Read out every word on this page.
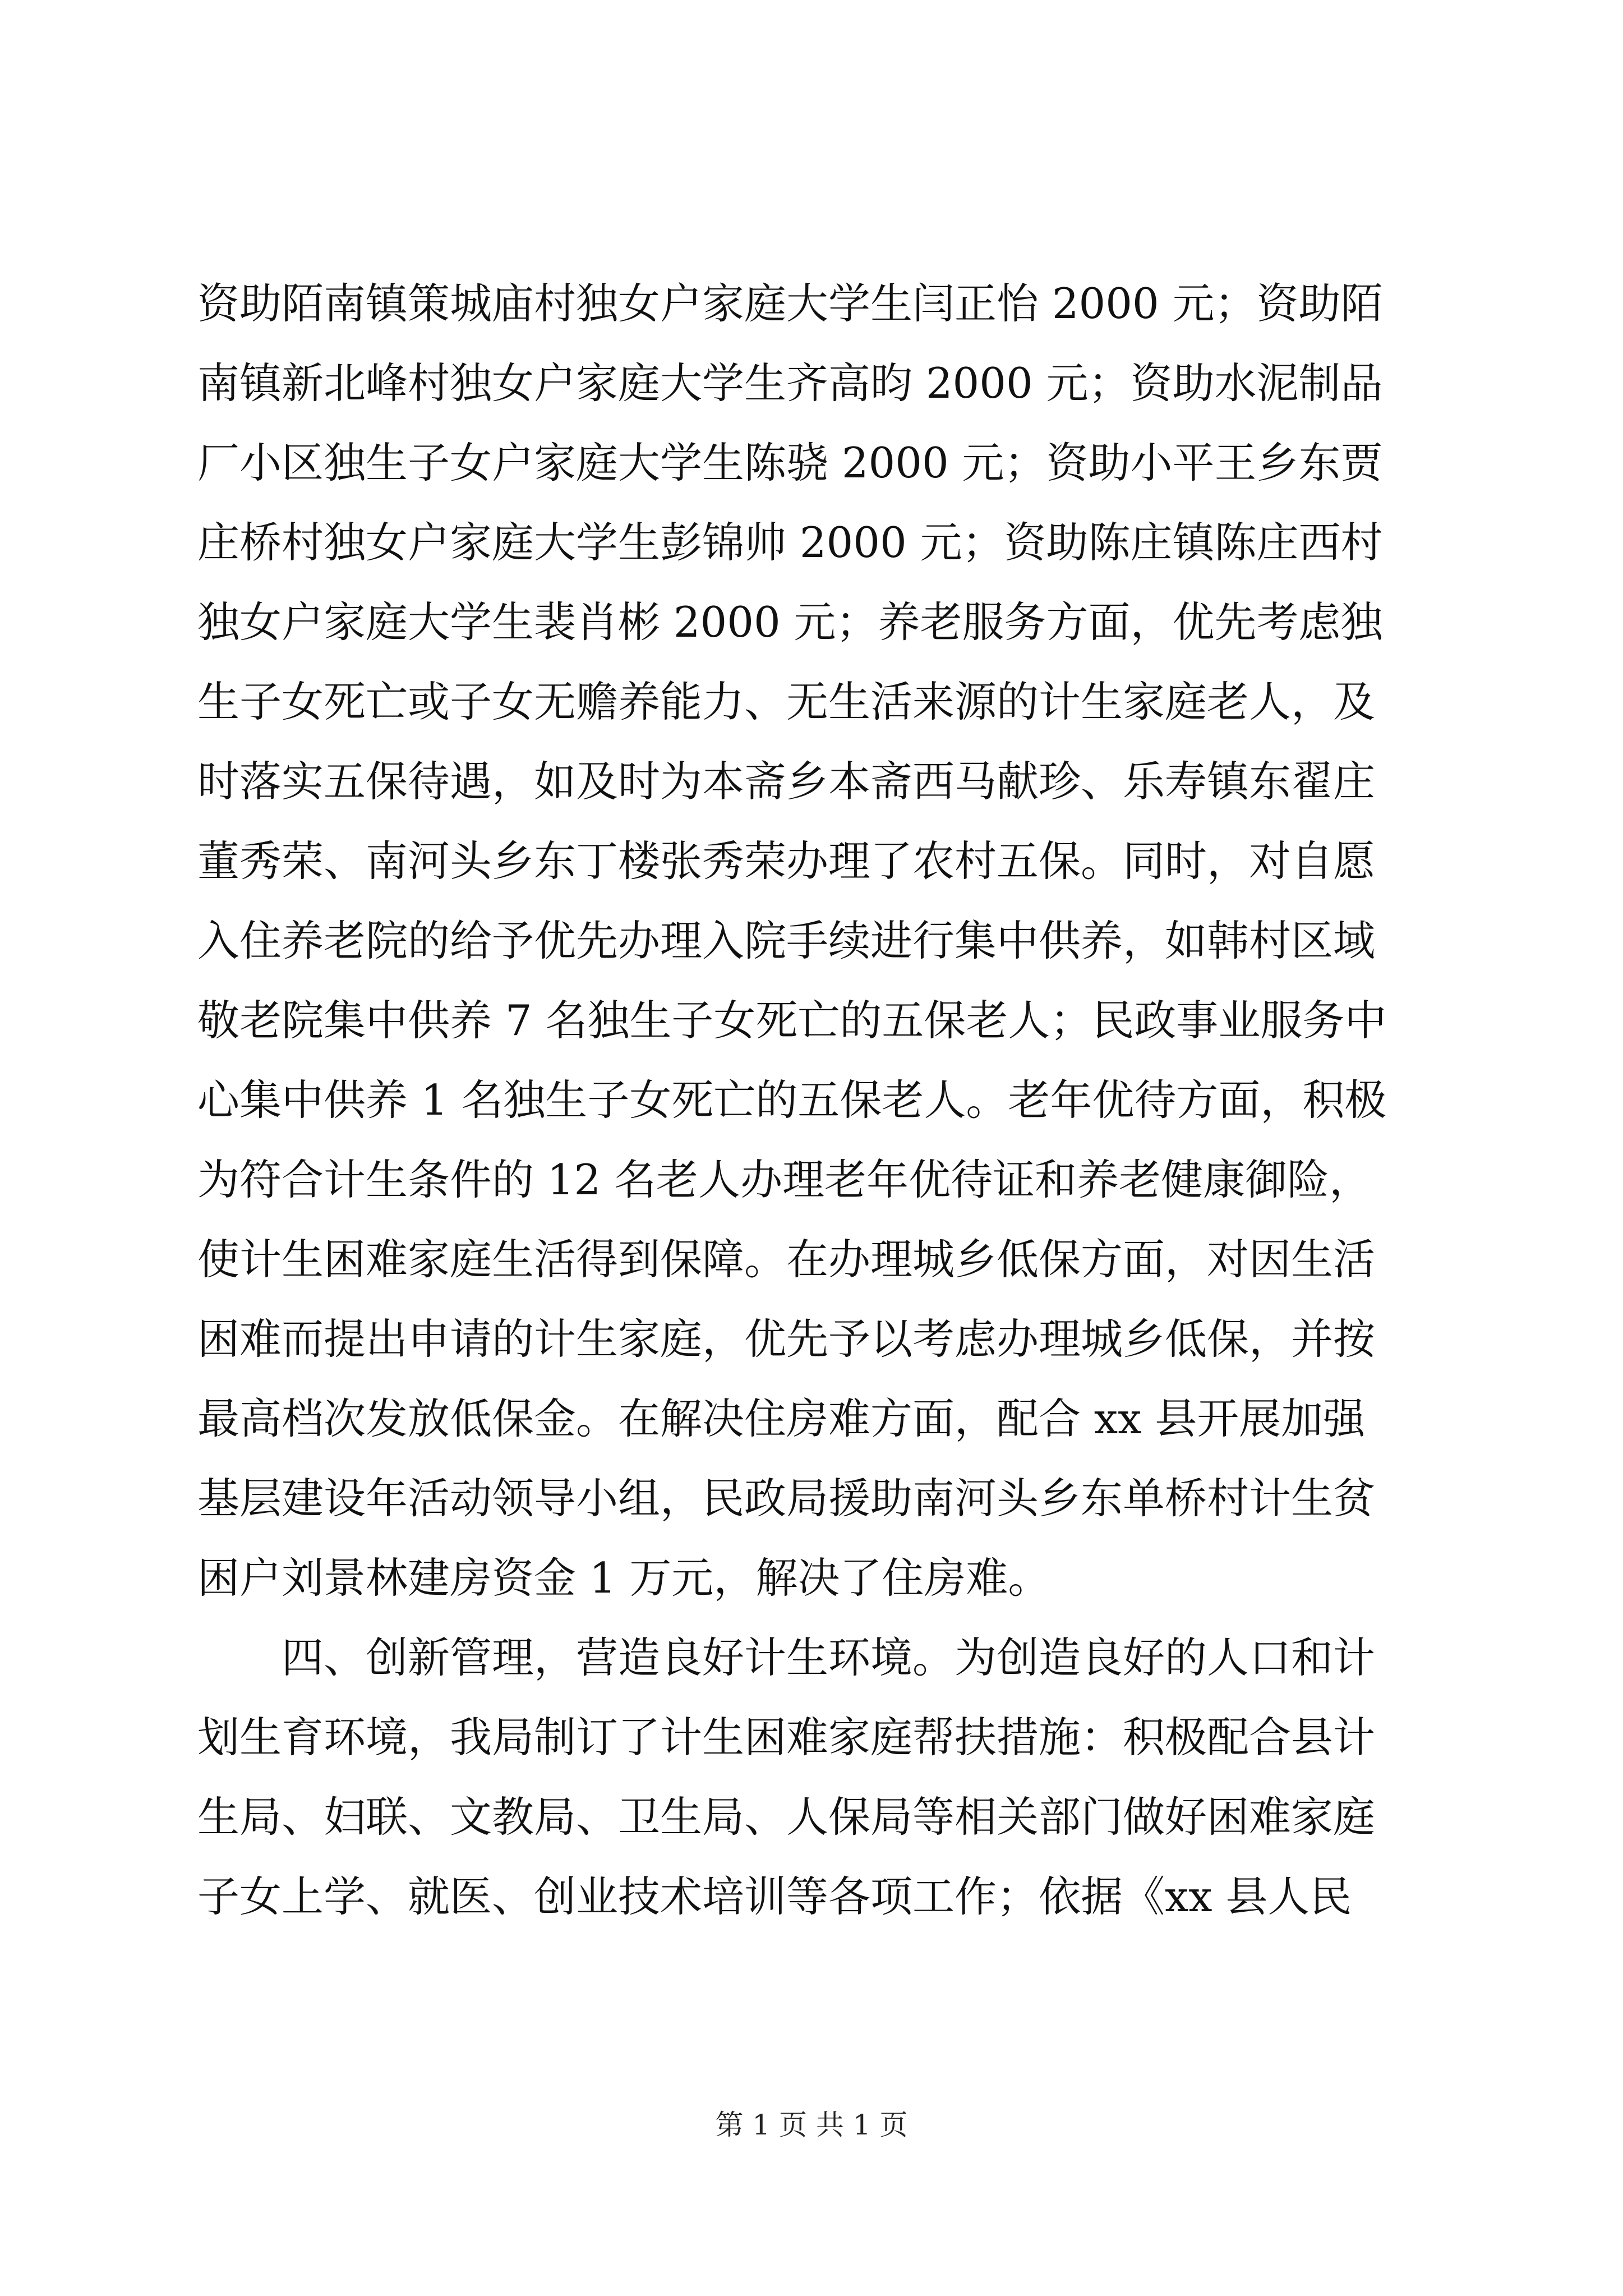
资助陌南镇策城庙村独女户家庭大学生闫正怡 2000 元；资助陌
南镇新北峰村独女户家庭大学生齐高昀 2000 元；资助水泥制品
厂小区独生子女户家庭大学生陈骁 2000 元；资助小平王乡东贾
庄桥村独女户家庭大学生彭锦帅 2000 元；资助陈庄镇陈庄西村
独女户家庭大学生裴肖彬 2000 元；养老服务方面，优先考虑独
生子女死亡或子女无赡养能力、无生活来源的计生家庭老人，及
时落实五保待遇，如及时为本斋乡本斋西马献珍、乐寿镇东翟庄
董秀荣、南河头乡东丁楼张秀荣办理了农村五保。同时，对自愿
入住养老院的给予优先办理入院手续进行集中供养，如韩村区域
敬老院集中供养 7 名独生子女死亡的五保老人；民政事业服务中
心集中供养 1 名独生子女死亡的五保老人。老年优待方面，积极
为符合计生条件的 12 名老人办理老年优待证和养老健康御险，
使计生困难家庭生活得到保障。在办理城乡低保方面，对因生活
困难而提出申请的计生家庭，优先予以考虑办理城乡低保，并按
最高档次发放低保金。在解决住房难方面，配合 xx 县开展加强
基层建设年活动领导小组，民政局援助南河头乡东单桥村计生贫
困户刘景林建房资金 1 万元，解决了住房难。
四、创新管理，营造良好计生环境。为创造良好的人口和计
划生育环境，我局制订了计生困难家庭帮扶措施：积极配合县计
生局、妇联、文教局、卫生局、人保局等相关部门做好困难家庭
子女上学、就医、创业技术培训等各项工作；依据《xx 县人民
第 1 页 共 1 页
